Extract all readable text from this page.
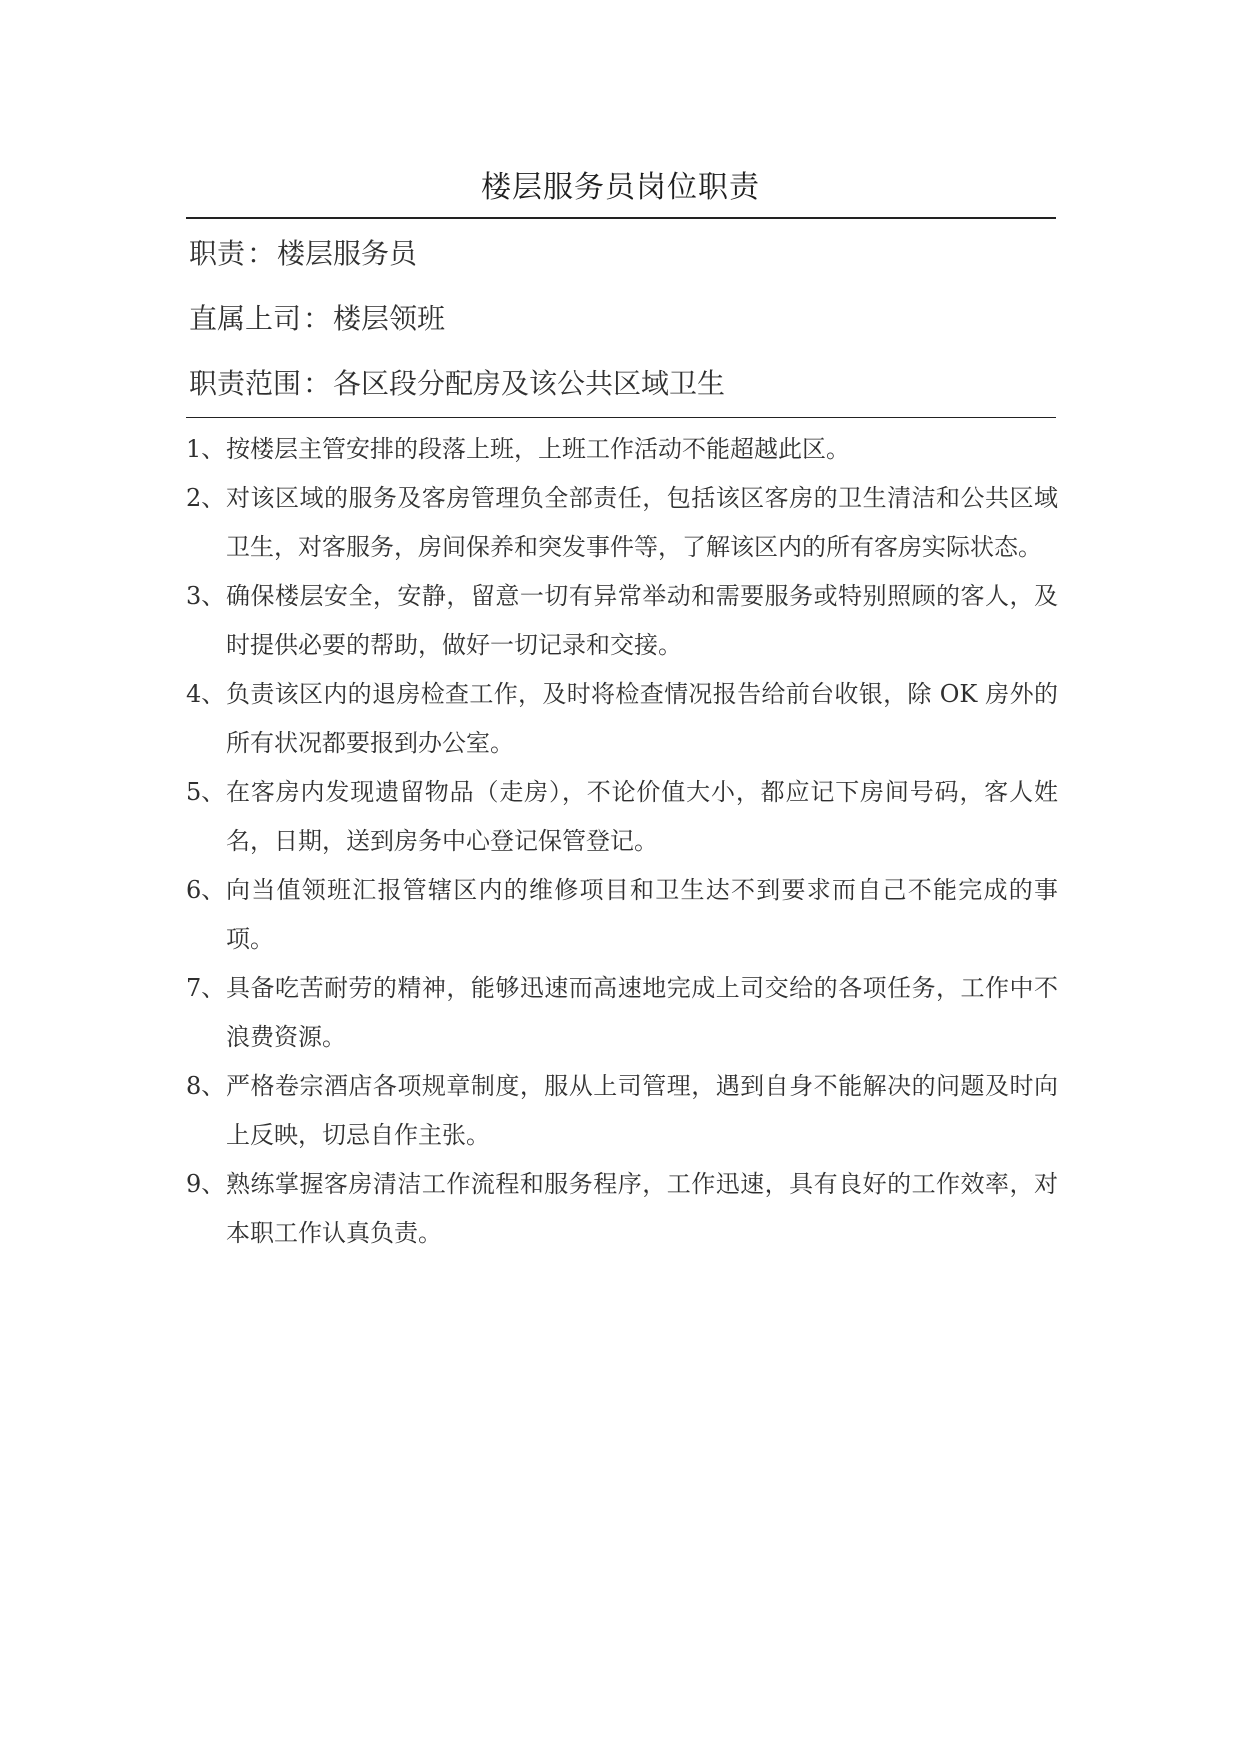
楼层服务员岗位职责
职责：楼层服务员
直属上司：楼层领班
职责范围：各区段分配房及该公共区域卫生
1、 按楼层主管安排的段落上班，上班工作活动不能超越此区。
2、 对该区域的服务及客房管理负全部责任，包括该区客房的卫生清洁和公共区域卫生，对客服务，房间保养和突发事件等，了解该区内的所有客房实际状态。
3、 确保楼层安全，安静，留意一切有异常举动和需要服务或特别照顾的客人，及时提供必要的帮助，做好一切记录和交接。
4、 负责该区内的退房检查工作，及时将检查情况报告给前台收银，除 OK 房外的所有状况都要报到办公室。
5、 在客房内发现遗留物品（走房），不论价值大小，都应记下房间号码，客人姓名，日期，送到房务中心登记保管登记。
6、 向当值领班汇报管辖区内的维修项目和卫生达不到要求而自己不能完成的事项。
7、 具备吃苦耐劳的精神，能够迅速而高速地完成上司交给的各项任务，工作中不浪费资源。
8、 严格卷宗酒店各项规章制度，服从上司管理，遇到自身不能解决的问题及时向上反映，切忌自作主张。
9、 熟练掌握客房清洁工作流程和服务程序，工作迅速，具有良好的工作效率，对本职工作认真负责。
